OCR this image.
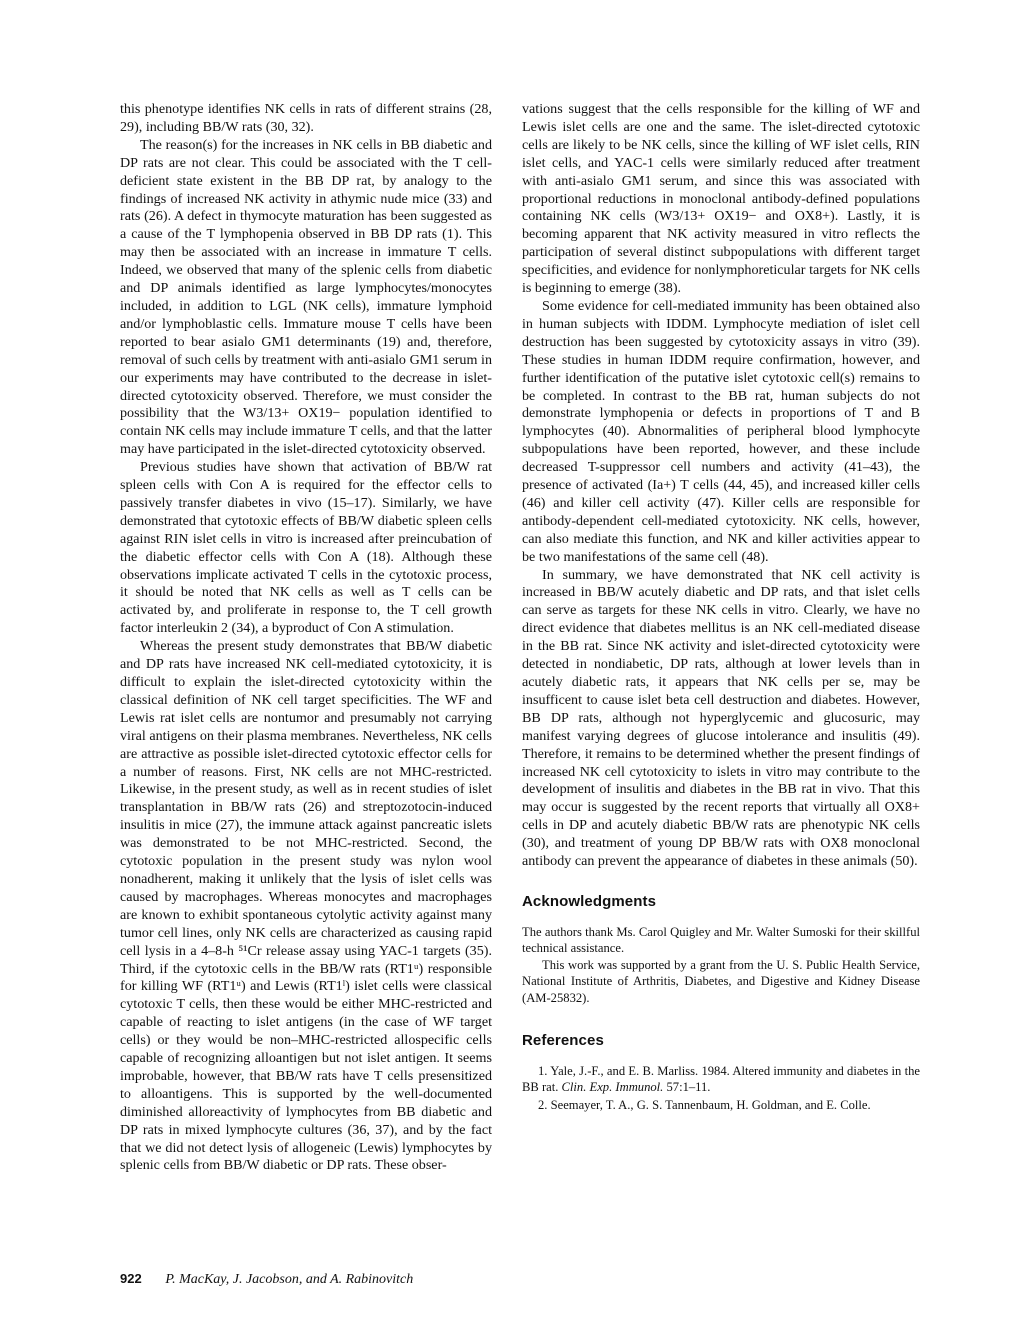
this phenotype identifies NK cells in rats of different strains (28, 29), including BB/W rats (30, 32).

The reason(s) for the increases in NK cells in BB diabetic and DP rats are not clear. This could be associated with the T cell-deficient state existent in the BB DP rat, by analogy to the findings of increased NK activity in athymic nude mice (33) and rats (26). A defect in thymocyte maturation has been suggested as a cause of the T lymphopenia observed in BB DP rats (1). This may then be associated with an increase in immature T cells. Indeed, we observed that many of the splenic cells from diabetic and DP animals identified as large lymphocytes/monocytes included, in addition to LGL (NK cells), immature lymphoid and/or lymphoblastic cells. Immature mouse T cells have been reported to bear asialo GM1 determinants (19) and, therefore, removal of such cells by treatment with anti-asialo GM1 serum in our experiments may have contributed to the decrease in islet-directed cytotoxicity observed. Therefore, we must consider the possibility that the W3/13+ OX19− population identified to contain NK cells may include immature T cells, and that the latter may have participated in the islet-directed cytotoxicity observed.

Previous studies have shown that activation of BB/W rat spleen cells with Con A is required for the effector cells to passively transfer diabetes in vivo (15–17). Similarly, we have demonstrated that cytotoxic effects of BB/W diabetic spleen cells against RIN islet cells in vitro is increased after preincubation of the diabetic effector cells with Con A (18). Although these observations implicate activated T cells in the cytotoxic process, it should be noted that NK cells as well as T cells can be activated by, and proliferate in response to, the T cell growth factor interleukin 2 (34), a byproduct of Con A stimulation.

Whereas the present study demonstrates that BB/W diabetic and DP rats have increased NK cell-mediated cytotoxicity, it is difficult to explain the islet-directed cytotoxicity within the classical definition of NK cell target specificities. The WF and Lewis rat islet cells are nontumor and presumably not carrying viral antigens on their plasma membranes. Nevertheless, NK cells are attractive as possible islet-directed cytotoxic effector cells for a number of reasons. First, NK cells are not MHC-restricted. Likewise, in the present study, as well as in recent studies of islet transplantation in BB/W rats (26) and streptozotocin-induced insulitis in mice (27), the immune attack against pancreatic islets was demonstrated to be not MHC-restricted. Second, the cytotoxic population in the present study was nylon wool nonadherent, making it unlikely that the lysis of islet cells was caused by macrophages. Whereas monocytes and macrophages are known to exhibit spontaneous cytolytic activity against many tumor cell lines, only NK cells are characterized as causing rapid cell lysis in a 4–8-h ⁵¹Cr release assay using YAC-1 targets (35). Third, if the cytotoxic cells in the BB/W rats (RT1ᵘ) responsible for killing WF (RT1ᵘ) and Lewis (RT1ˡ) islet cells were classical cytotoxic T cells, then these would be either MHC-restricted and capable of reacting to islet antigens (in the case of WF target cells) or they would be non–MHC-restricted allospecific cells capable of recognizing alloantigen but not islet antigen. It seems improbable, however, that BB/W rats have T cells presensitized to alloantigens. This is supported by the well-documented diminished alloreactivity of lymphocytes from BB diabetic and DP rats in mixed lymphocyte cultures (36, 37), and by the fact that we did not detect lysis of allogeneic (Lewis) lymphocytes by splenic cells from BB/W diabetic or DP rats. These obser-

vations suggest that the cells responsible for the killing of WF and Lewis islet cells are one and the same. The islet-directed cytotoxic cells are likely to be NK cells, since the killing of WF islet cells, RIN islet cells, and YAC-1 cells were similarly reduced after treatment with anti-asialo GM1 serum, and since this was associated with proportional reductions in monoclonal antibody-defined populations containing NK cells (W3/13+ OX19− and OX8+). Lastly, it is becoming apparent that NK activity measured in vitro reflects the participation of several distinct subpopulations with different target specificities, and evidence for nonlymphoreticular targets for NK cells is beginning to emerge (38).

Some evidence for cell-mediated immunity has been obtained also in human subjects with IDDM. Lymphocyte mediation of islet cell destruction has been suggested by cytotoxicity assays in vitro (39). These studies in human IDDM require confirmation, however, and further identification of the putative islet cytotoxic cell(s) remains to be completed. In contrast to the BB rat, human subjects do not demonstrate lymphopenia or defects in proportions of T and B lymphocytes (40). Abnormalities of peripheral blood lymphocyte subpopulations have been reported, however, and these include decreased T-suppressor cell numbers and activity (41–43), the presence of activated (Ia+) T cells (44, 45), and increased killer cells (46) and killer cell activity (47). Killer cells are responsible for antibody-dependent cell-mediated cytotoxicity. NK cells, however, can also mediate this function, and NK and killer activities appear to be two manifestations of the same cell (48).

In summary, we have demonstrated that NK cell activity is increased in BB/W acutely diabetic and DP rats, and that islet cells can serve as targets for these NK cells in vitro. Clearly, we have no direct evidence that diabetes mellitus is an NK cell-mediated disease in the BB rat. Since NK activity and islet-directed cytotoxicity were detected in nondiabetic, DP rats, although at lower levels than in acutely diabetic rats, it appears that NK cells per se, may be insufficent to cause islet beta cell destruction and diabetes. However, BB DP rats, although not hyperglycemic and glucosuric, may manifest varying degrees of glucose intolerance and insulitis (49). Therefore, it remains to be determined whether the present findings of increased NK cell cytotoxicity to islets in vitro may contribute to the development of insulitis and diabetes in the BB rat in vivo. That this may occur is suggested by the recent reports that virtually all OX8+ cells in DP and acutely diabetic BB/W rats are phenotypic NK cells (30), and treatment of young DP BB/W rats with OX8 monoclonal antibody can prevent the appearance of diabetes in these animals (50).

Acknowledgments

The authors thank Ms. Carol Quigley and Mr. Walter Sumoski for their skillful technical assistance.

This work was supported by a grant from the U. S. Public Health Service, National Institute of Arthritis, Diabetes, and Digestive and Kidney Disease (AM-25832).

References
1. Yale, J.-F., and E. B. Marliss. 1984. Altered immunity and diabetes in the BB rat. Clin. Exp. Immunol. 57:1–11.
2. Seemayer, T. A., G. S. Tannenbaum, H. Goldman, and E. Colle.
922 P. MacKay, J. Jacobson, and A. Rabinovitch
